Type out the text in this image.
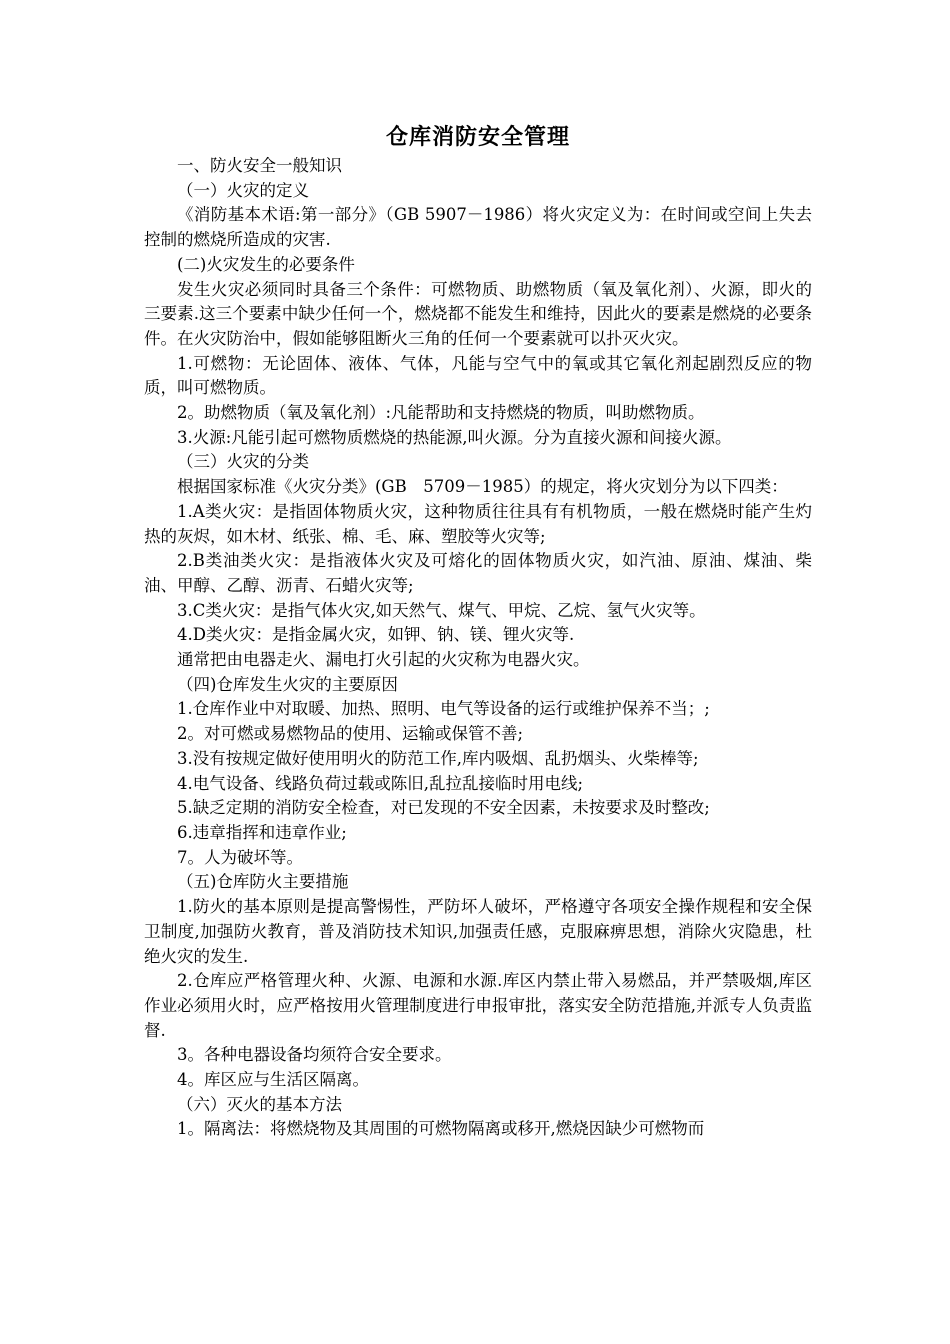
仓库消防安全管理

一、防火安全一般知识

（一）火灾的定义

《消防基本术语:第一部分》（GB 5907－1986）将火灾定义为：在时间或空间上失去控制的燃烧所造成的灾害.

(二)火灾发生的必要条件

发生火灾必须同时具备三个条件：可燃物质、助燃物质（氧及氧化剂）、火源，即火的三要素.这三个要素中缺少任何一个，燃烧都不能发生和维持，因此火的要素是燃烧的必要条件。在火灾防治中，假如能够阻断火三角的任何一个要素就可以扑灭火灾。

1.可燃物：无论固体、液体、气体，凡能与空气中的氧或其它氧化剂起剧烈反应的物质，叫可燃物质。

2。助燃物质（氧及氧化剂）:凡能帮助和支持燃烧的物质，叫助燃物质。

3.火源:凡能引起可燃物质燃烧的热能源,叫火源。分为直接火源和间接火源。

（三）火灾的分类

根据国家标准《火灾分类》(GB　5709－1985）的规定，将火灾划分为以下四类：

1.A类火灾：是指固体物质火灾，这种物质往往具有有机物质，一般在燃烧时能产生灼热的灰烬，如木材、纸张、棉、毛、麻、塑胶等火灾等;

2.B类油类火灾：是指液体火灾及可熔化的固体物质火灾，如汽油、原油、煤油、柴油、甲醇、乙醇、沥青、石蜡火灾等;

3.C类火灾：是指气体火灾,如天然气、煤气、甲烷、乙烷、氢气火灾等。

4.D类火灾：是指金属火灾，如钾、钠、镁、锂火灾等.

通常把由电器走火、漏电打火引起的火灾称为电器火灾。

（四)仓库发生火灾的主要原因

1.仓库作业中对取暖、加热、照明、电气等设备的运行或维护保养不当；;

2。对可燃或易燃物品的使用、运输或保管不善;

3.没有按规定做好使用明火的防范工作,库内吸烟、乱扔烟头、火柴棒等;

4.电气设备、线路负荷过载或陈旧,乱拉乱接临时用电线;

5.缺乏定期的消防安全检查，对已发现的不安全因素，未按要求及时整改;

6.违章指挥和违章作业;

7。人为破坏等。

（五)仓库防火主要措施

1.防火的基本原则是提高警惕性，严防坏人破坏，严格遵守各项安全操作规程和安全保卫制度,加强防火教育，普及消防技术知识,加强责任感，克服麻痹思想，消除火灾隐患，杜绝火灾的发生.

2.仓库应严格管理火种、火源、电源和水源.库区内禁止带入易燃品，并严禁吸烟,库区作业必须用火时，应严格按用火管理制度进行申报审批，落实安全防范措施,并派专人负责监督.

3。各种电器设备均须符合安全要求。

4。库区应与生活区隔离。

（六）灭火的基本方法

1。隔离法：将燃烧物及其周围的可燃物隔离或移开,燃烧因缺少可燃物而
